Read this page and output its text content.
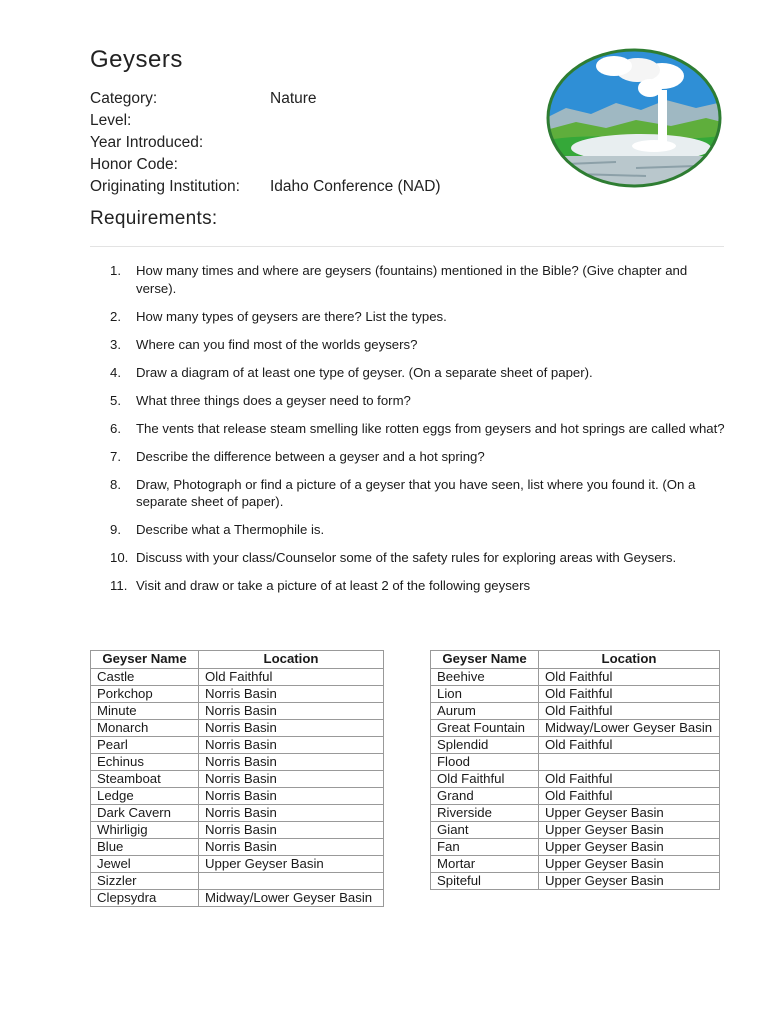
Geysers
Category:	Nature
Level:
Year Introduced:
Honor Code:
Originating Institution: Idaho Conference (NAD)
Requirements:
1.	How many times and where are geysers (fountains) mentioned in the Bible? (Give chapter and verse).
2.	How many types of geysers are there? List the types.
3.	Where can you find most of the worlds geysers?
4.	Draw a diagram of at least one type of geyser. (On a separate sheet of paper).
5.	What three things does a geyser need to form?
6.	The vents that release steam smelling like rotten eggs from geysers and hot springs are called what?
7.	Describe the difference between a geyser and a hot spring?
8.	Draw, Photograph or find a picture of a geyser that you have seen, list where you found it. (On a separate sheet of paper).
9.	Describe what a Thermophile is.
10. Discuss with your class/Counselor some of the safety rules for exploring areas with Geysers.
11. Visit and draw or take a picture of at least 2 of the following geysers
Geyser Name	Location
Castle	Old Faithful
Porkchop	Norris Basin
Minute	Norris Basin
Monarch	Norris Basin
Pearl	Norris Basin
Echinus	Norris Basin
Steamboat	Norris Basin
Ledge	Norris Basin
Dark Cavern	Norris Basin
Whirligig	Norris Basin
Blue	Norris Basin
Jewel	Upper Geyser Basin
Sizzler	
Clepsydra	Midway/Lower Geyser Basin
Geyser Name	Location
Beehive	Old Faithful
Lion	Old Faithful
Aurum	Old Faithful
Great Fountain	Midway/Lower Geyser Basin
Splendid	Old Faithful
Flood	
Old Faithful	Old Faithful
Grand	Old Faithful
Riverside	Upper Geyser Basin
Giant	Upper Geyser Basin
Fan	Upper Geyser Basin
Mortar	Upper Geyser Basin
Spiteful	Upper Geyser Basin
